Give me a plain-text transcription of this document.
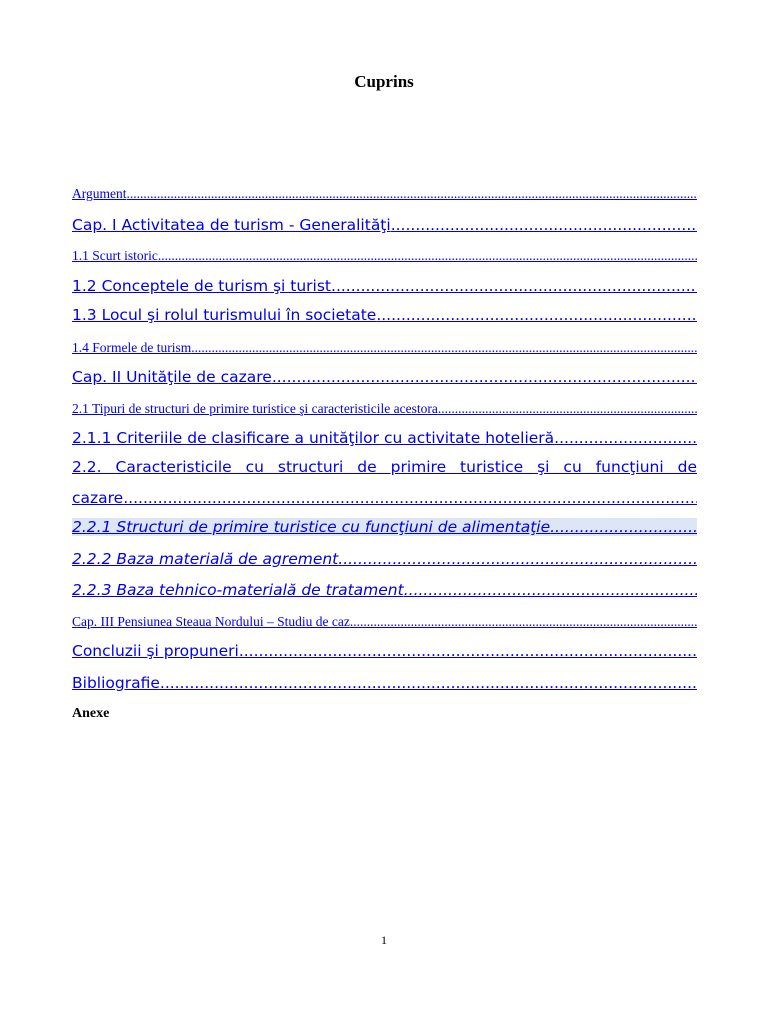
Cuprins
Argument
.....
Cap. I Activitatea de turism - Generalităţi
.....
1.1 Scurt istoric
.....
1.2 Conceptele de turism şi turist
.....
1.3 Locul şi rolul turismului în societate
.....
1.4 Formele de turism
.....
Cap. II Unităţile de cazare
.....
2.1 Tipuri de structuri de primire turistice şi caracteristicile acestora
.....
2.1.1 Criteriile de clasificare a unităţilor cu activitate hotelieră
.....
2.2. Caracteristicile cu structuri de primire turistice şi cu funcţiuni de
cazare
.....
2.2.1 Structuri de primire turistice cu funcţiuni de alimentaţie
.....
2.2.2 Baza materială de agrement
.....
2.2.3 Baza tehnico-materială de tratament
.....
Cap. III Pensiunea Steaua Nordului – Studiu de caz
.....
Concluzii şi propuneri
.....
Bibliografie
.....
Anexe
1
